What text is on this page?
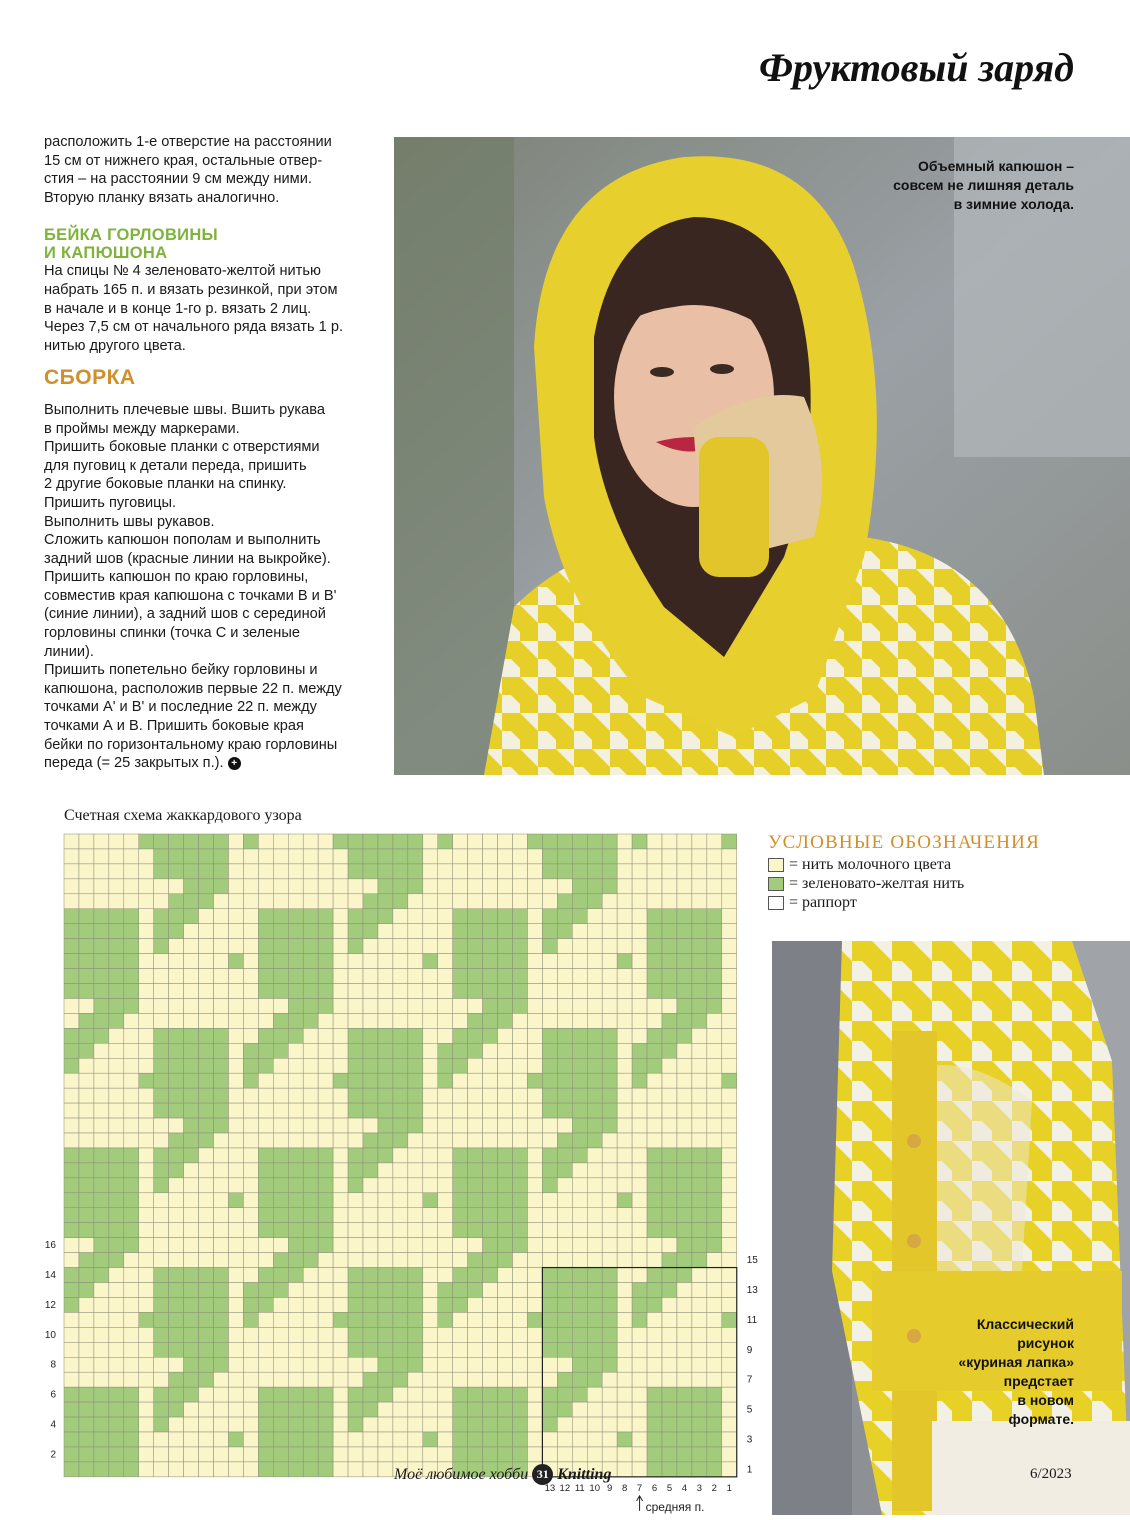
Фруктовый заряд

расположить 1-е отверстие на расстоянии
15 см от нижнего края, остальные отвер-
стия – на расстоянии 9 см между ними.
Вторую планку вязать аналогично.

БЕЙКА ГОРЛОВИНЫ
И КАПЮШОНА

На спицы № 4 зеленовато-желтой нитью
набрать 165 п. и вязать резинкой, при этом
в начале и в конце 1-го р. вязать 2 лиц.
Через 7,5 см от начального ряда вязать 1 р.
нитью другого цвета.

СБОРКА

Выполнить плечевые швы. Вшить рукава
в проймы между маркерами.
Пришить боковые планки с отверстиями
для пуговиц к детали переда, пришить
2 другие боковые планки на спинку.
Пришить пуговицы.
Выполнить швы рукавов.
Сложить капюшон пополам и выполнить
задний шов (красные линии на выкройке).
Пришить капюшон по краю горловины,
совместив края капюшона с точками В и В'
(синие линии), а задний шов с серединой
горловины спинки (точка С и зеленые
линии).
Пришить попетельно бейку горловины и
капюшона, расположив первые 22 п. между
точками А' и В' и последние 22 п. между
точками А и В. Пришить боковые края
бейки по горизонтальному краю горловины
переда (= 25 закрытых п.). +

Объемный капюшон –
совсем не лишняя деталь
в зимние холода.
Счетная схема жаккардового узора
2
4
6
8
10
12
14
16
1
3
5
7
9
11
13
15
13 12 11 10 9 8 7 6 5 4 3 2 1
средняя п.
УСЛОВНЫЕ ОБОЗНАЧЕНИЯ
= нить молочного цвета
= зеленовато-желтая нить
= раппорт
Классический
рисунок
«куриная лапка»
предстает
в новом
формате.
Моё любимое хобби 31 Knitting	6/2023
